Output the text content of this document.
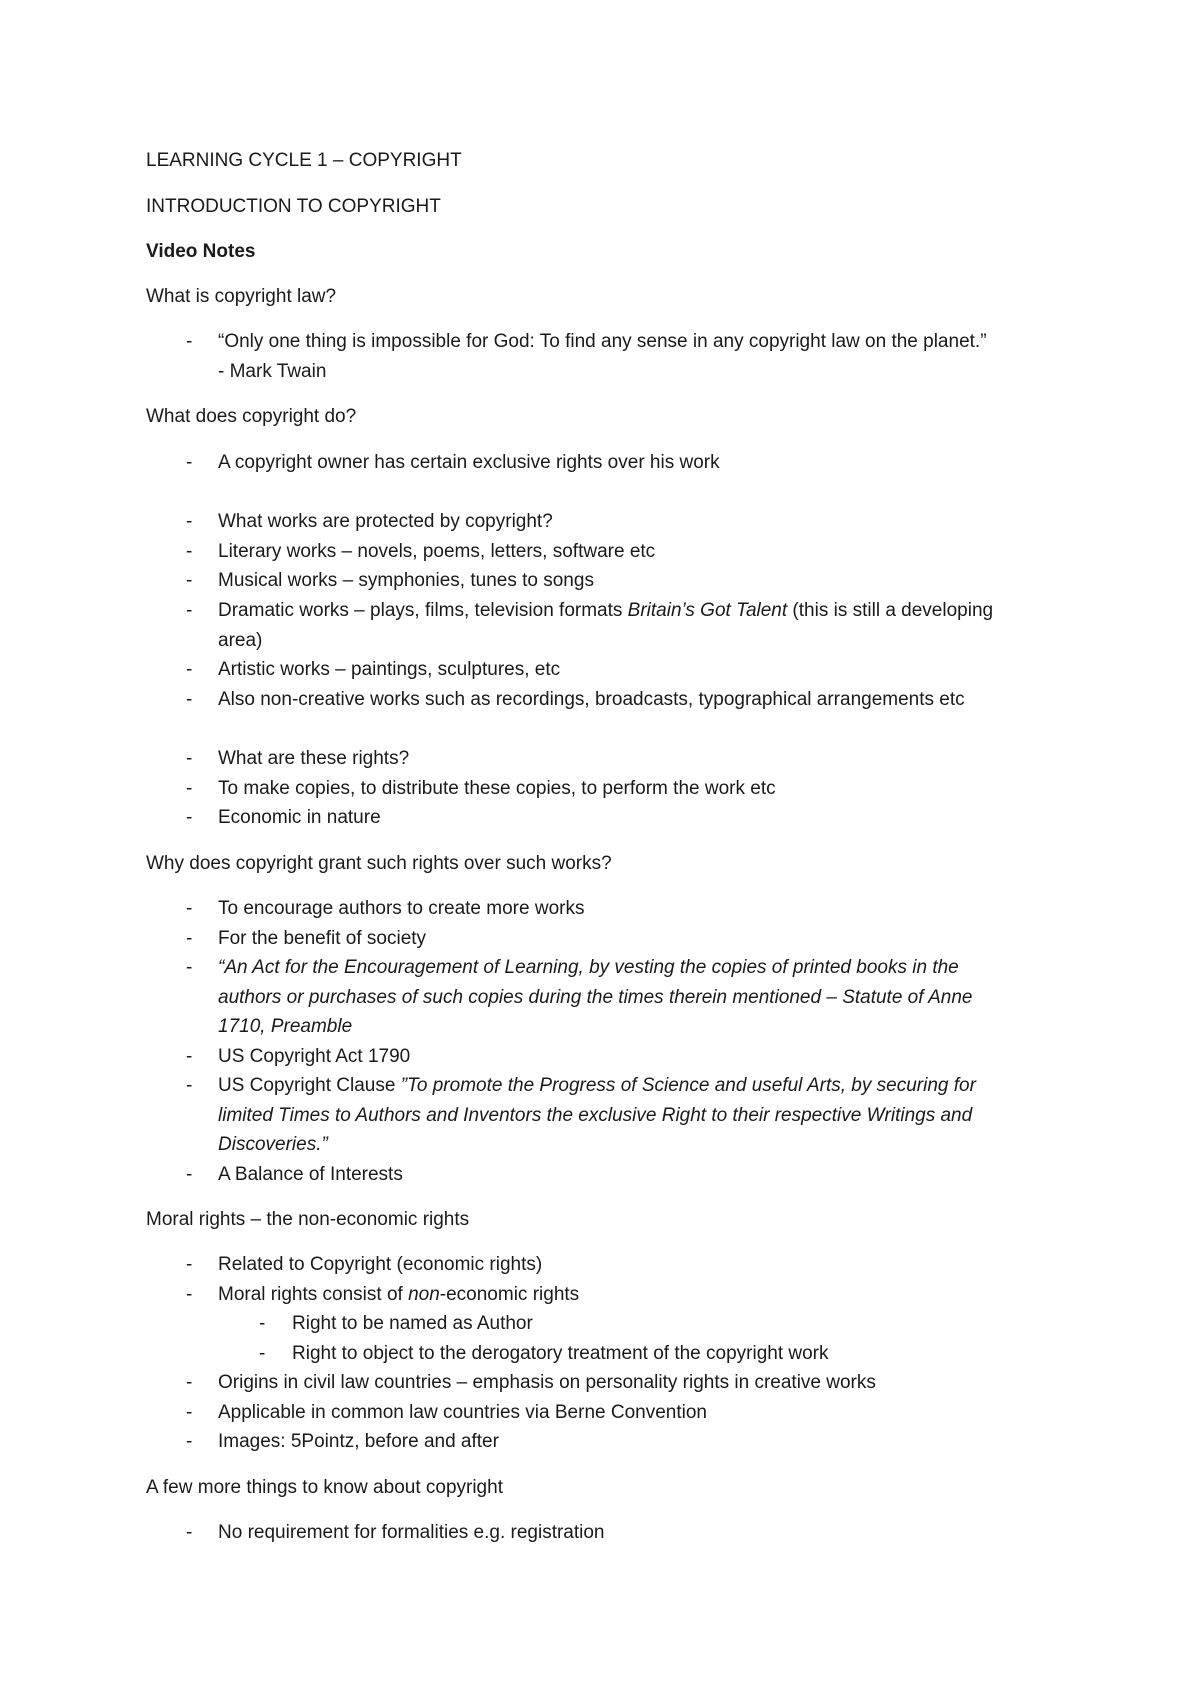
LEARNING CYCLE 1 – COPYRIGHT
INTRODUCTION TO COPYRIGHT
Video Notes
What is copyright law?
-	“Only one thing is impossible for God: To find any sense in any copyright law on the planet.”
- Mark Twain
What does copyright do?
-	A copyright owner has certain exclusive rights over his work
-	What works are protected by copyright?
-	Literary works – novels, poems, letters, software etc
-	Musical works – symphonies, tunes to songs
-	Dramatic works – plays, films, television formats Britain’s Got Talent (this is still a developing
area)
-	Artistic works – paintings, sculptures, etc
-	Also non-creative works such as recordings, broadcasts, typographical arrangements etc
-	What are these rights?
-	To make copies, to distribute these copies, to perform the work etc
-	Economic in nature
Why does copyright grant such rights over such works?
-	To encourage authors to create more works
-	For the benefit of society
-	“An Act for the Encouragement of Learning, by vesting the copies of printed books in the
authors or purchases of such copies during the times therein mentioned – Statute of Anne
1710, Preamble
-	US Copyright Act 1790
-	US Copyright Clause ”To promote the Progress of Science and useful Arts, by securing for
limited Times to Authors and Inventors the exclusive Right to their respective Writings and
Discoveries.”
-	A Balance of Interests
Moral rights – the non-economic rights
-	Related to Copyright (economic rights)
-	Moral rights consist of non-economic rights
-	Right to be named as Author
-	Right to object to the derogatory treatment of the copyright work
-	Origins in civil law countries – emphasis on personality rights in creative works
-	Applicable in common law countries via Berne Convention
-	Images: 5Pointz, before and after
A few more things to know about copyright
-	No requirement for formalities e.g. registration
